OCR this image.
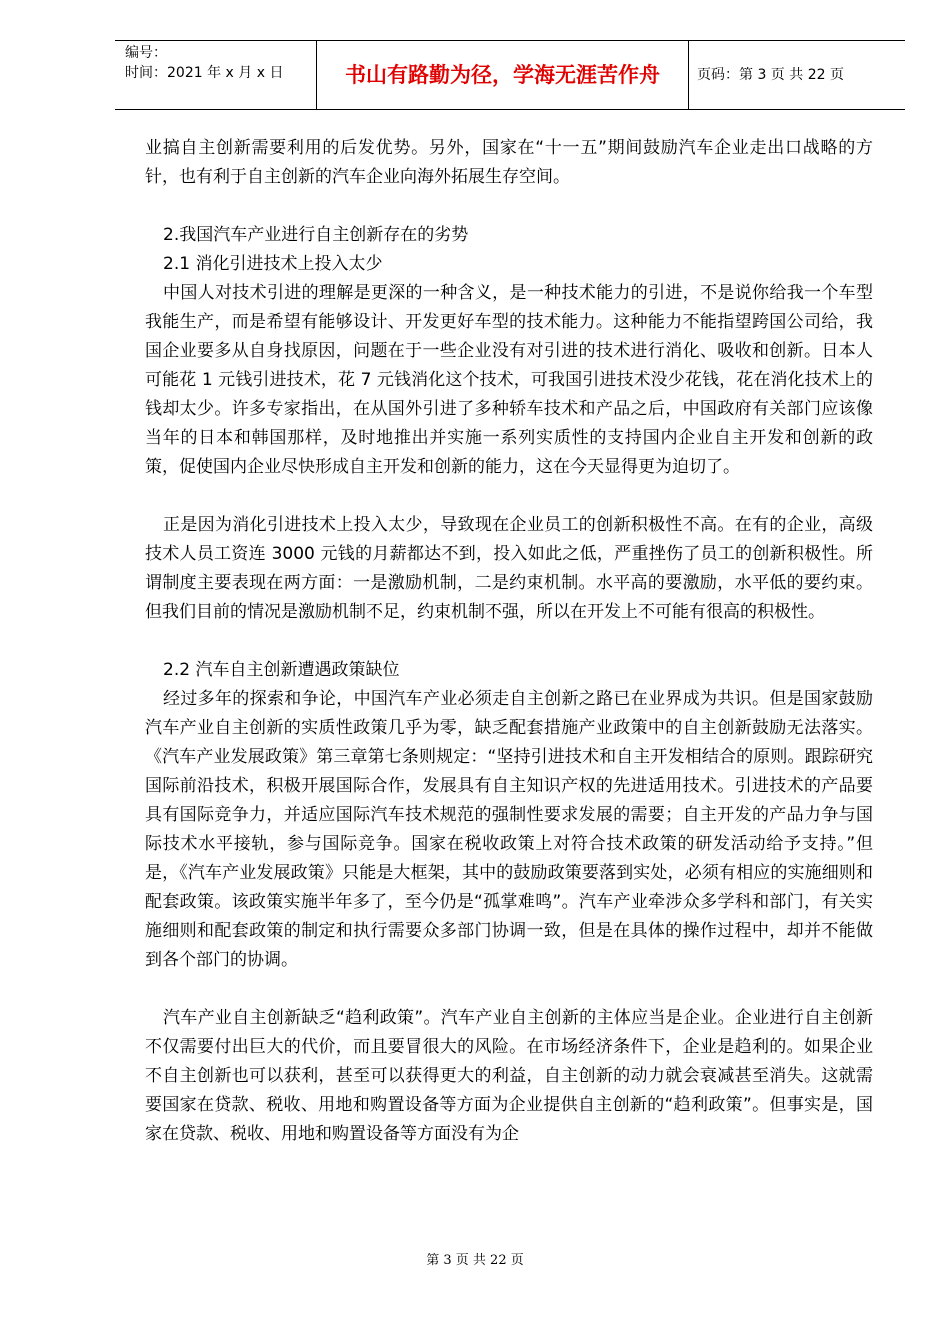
编号：
时间：2021 年 x 月 x 日	书山有路勤为径，学海无涯苦作舟	页码：第 3 页 共 22 页

业搞自主创新需要利用的后发优势。另外，国家在“十一五”期间鼓励汽车企业走出口战略的方针，也有利于自主创新的汽车企业向海外拓展生存空间。

2.我国汽车产业进行自主创新存在的劣势

2.1 消化引进技术上投入太少

中国人对技术引进的理解是更深的一种含义，是一种技术能力的引进，不是说你给我一个车型我能生产，而是希望有能够设计、开发更好车型的技术能力。这种能力不能指望跨国公司给，我国企业要多从自身找原因，问题在于一些企业没有对引进的技术进行消化、吸收和创新。日本人可能花 1 元钱引进技术，花 7 元钱消化这个技术，可我国引进技术没少花钱，花在消化技术上的钱却太少。许多专家指出，在从国外引进了多种轿车技术和产品之后，中国政府有关部门应该像当年的日本和韩国那样，及时地推出并实施一系列实质性的支持国内企业自主开发和创新的政策，促使国内企业尽快形成自主开发和创新的能力，这在今天显得更为迫切了。

正是因为消化引进技术上投入太少，导致现在企业员工的创新积极性不高。在有的企业，高级技术人员工资连 3000 元钱的月薪都达不到，投入如此之低，严重挫伤了员工的创新积极性。所谓制度主要表现在两方面：一是激励机制，二是约束机制。水平高的要激励，水平低的要约束。但我们目前的情况是激励机制不足，约束机制不强，所以在开发上不可能有很高的积极性。

2.2 汽车自主创新遭遇政策缺位

经过多年的探索和争论，中国汽车产业必须走自主创新之路已在业界成为共识。但是国家鼓励汽车产业自主创新的实质性政策几乎为零，缺乏配套措施产业政策中的自主创新鼓励无法落实。《汽车产业发展政策》第三章第七条则规定：“坚持引进技术和自主开发相结合的原则。跟踪研究国际前沿技术，积极开展国际合作，发展具有自主知识产权的先进适用技术。引进技术的产品要具有国际竞争力，并适应国际汽车技术规范的强制性要求发展的需要；自主开发的产品力争与国际技术水平接轨，参与国际竞争。国家在税收政策上对符合技术政策的研发活动给予支持。”但是，《汽车产业发展政策》只能是大框架，其中的鼓励政策要落到实处，必须有相应的实施细则和配套政策。该政策实施半年多了，至今仍是“孤掌难鸣”。汽车产业牵涉众多学科和部门，有关实施细则和配套政策的制定和执行需要众多部门协调一致，但是在具体的操作过程中，却并不能做到各个部门的协调。

汽车产业自主创新缺乏“趋利政策”。汽车产业自主创新的主体应当是企业。企业进行自主创新不仅需要付出巨大的代价，而且要冒很大的风险。在市场经济条件下，企业是趋利的。如果企业不自主创新也可以获利，甚至可以获得更大的利益，自主创新的动力就会衰减甚至消失。这就需要国家在贷款、税收、用地和购置设备等方面为企业提供自主创新的“趋利政策”。但事实是，国家在贷款、税收、用地和购置设备等方面没有为企

第 3 页 共 22 页
